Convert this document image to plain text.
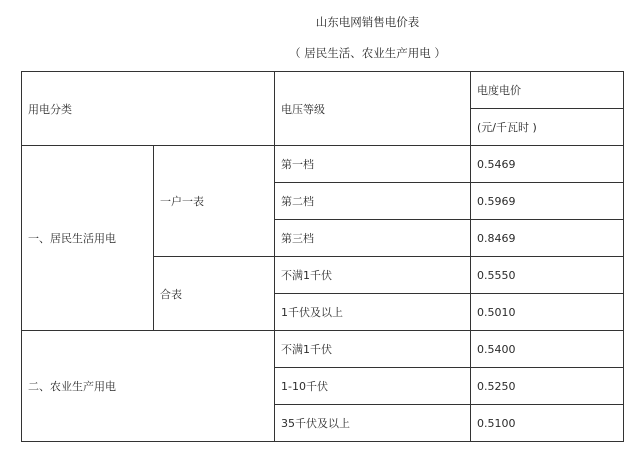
山东电网销售电价表
（ 居民生活、农业生产用电 ）
用电分类		电压等级	电度电价
			(元/千瓦时 )
一、居民生活用电	一户一表	第一档	0.5469
		第二档	0.5969
		第三档	0.8469
	合表	不满1千伏	0.5550
		1千伏及以上	0.5010
二、农业生产用电		不满1千伏	0.5400
		1-10千伏	0.5250
		35千伏及以上	0.5100
